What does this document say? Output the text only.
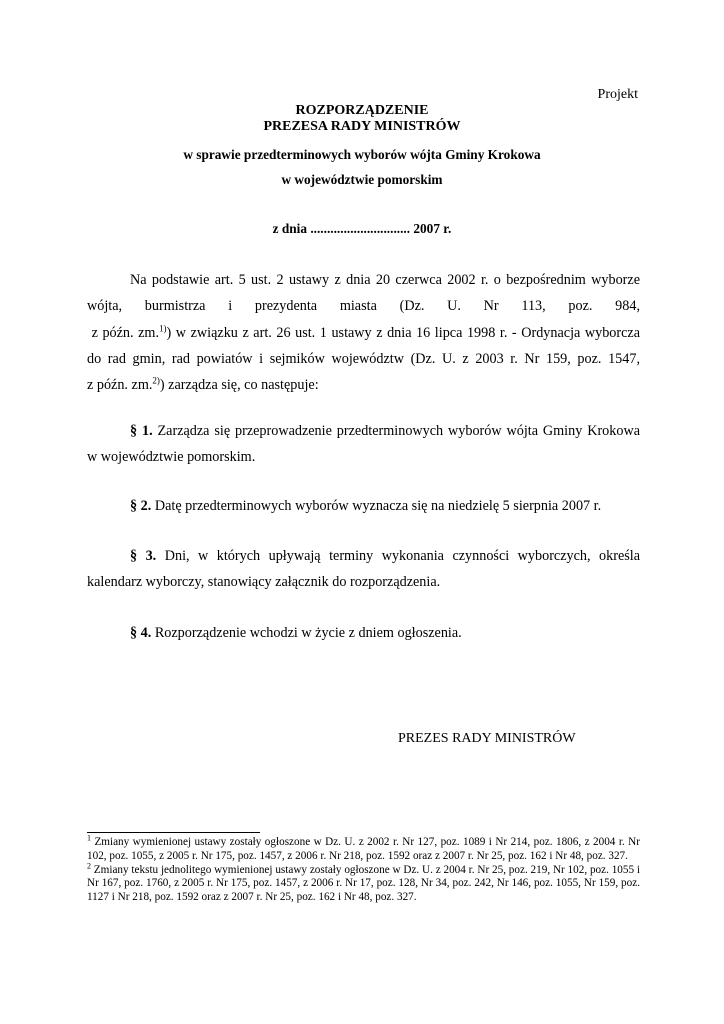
Projekt
ROZPORZĄDZENIE
PREZESA RADY MINISTRÓW
w sprawie przedterminowych wyborów wójta Gminy Krokowa
w województwie pomorskim
z dnia .............................. 2007 r.
Na podstawie art. 5 ust. 2 ustawy z dnia 20 czerwca 2002 r. o bezpośrednim wyborze
wójta, burmistrza i prezydenta miasta (Dz. U. Nr 113, poz. 984,
z późn. zm.$^{1)}$) w związku z art. 26 ust. 1 ustawy z dnia 16 lipca 1998 r. - Ordynacja wyborcza
do rad gmin, rad powiatów i sejmików województw (Dz. U. z 2003 r. Nr 159, poz. 1547,
z późn. zm.$^{2)}$) zarządza się, co następuje:
§ 1. Zarządza się przeprowadzenie przedterminowych wyborów wójta Gminy Krokowa w województwie pomorskim.
§ 2. Datę przedterminowych wyborów wyznacza się na niedzielę 5 sierpnia 2007 r.
§ 3. Dni, w których upływają terminy wykonania czynności wyborczych, określa kalendarz wyborczy, stanowiący załącznik do rozporządzenia.
§ 4. Rozporządzenie wchodzi w życie z dniem ogłoszenia.
PREZES RADY MINISTRÓW
$^1$ Zmiany wymienionej ustawy zostały ogłoszone w Dz. U. z 2002 r. Nr 127, poz. 1089 i Nr 214, poz. 1806, z 2004 r. Nr 102, poz. 1055, z 2005 r. Nr 175, poz. 1457, z 2006 r. Nr 218, poz. 1592 oraz z 2007 r. Nr 25, poz. 162 i Nr 48, poz. 327.
$^2$ Zmiany tekstu jednolitego wymienionej ustawy zostały ogłoszone w Dz. U. z 2004 r. Nr 25, poz. 219, Nr 102, poz. 1055 i Nr 167, poz. 1760, z 2005 r. Nr 175, poz. 1457, z 2006 r. Nr 17, poz. 128, Nr 34, poz. 242, Nr 146, poz. 1055, Nr 159, poz. 1127 i Nr 218, poz. 1592 oraz z 2007 r. Nr 25, poz. 162 i Nr 48, poz. 327.
